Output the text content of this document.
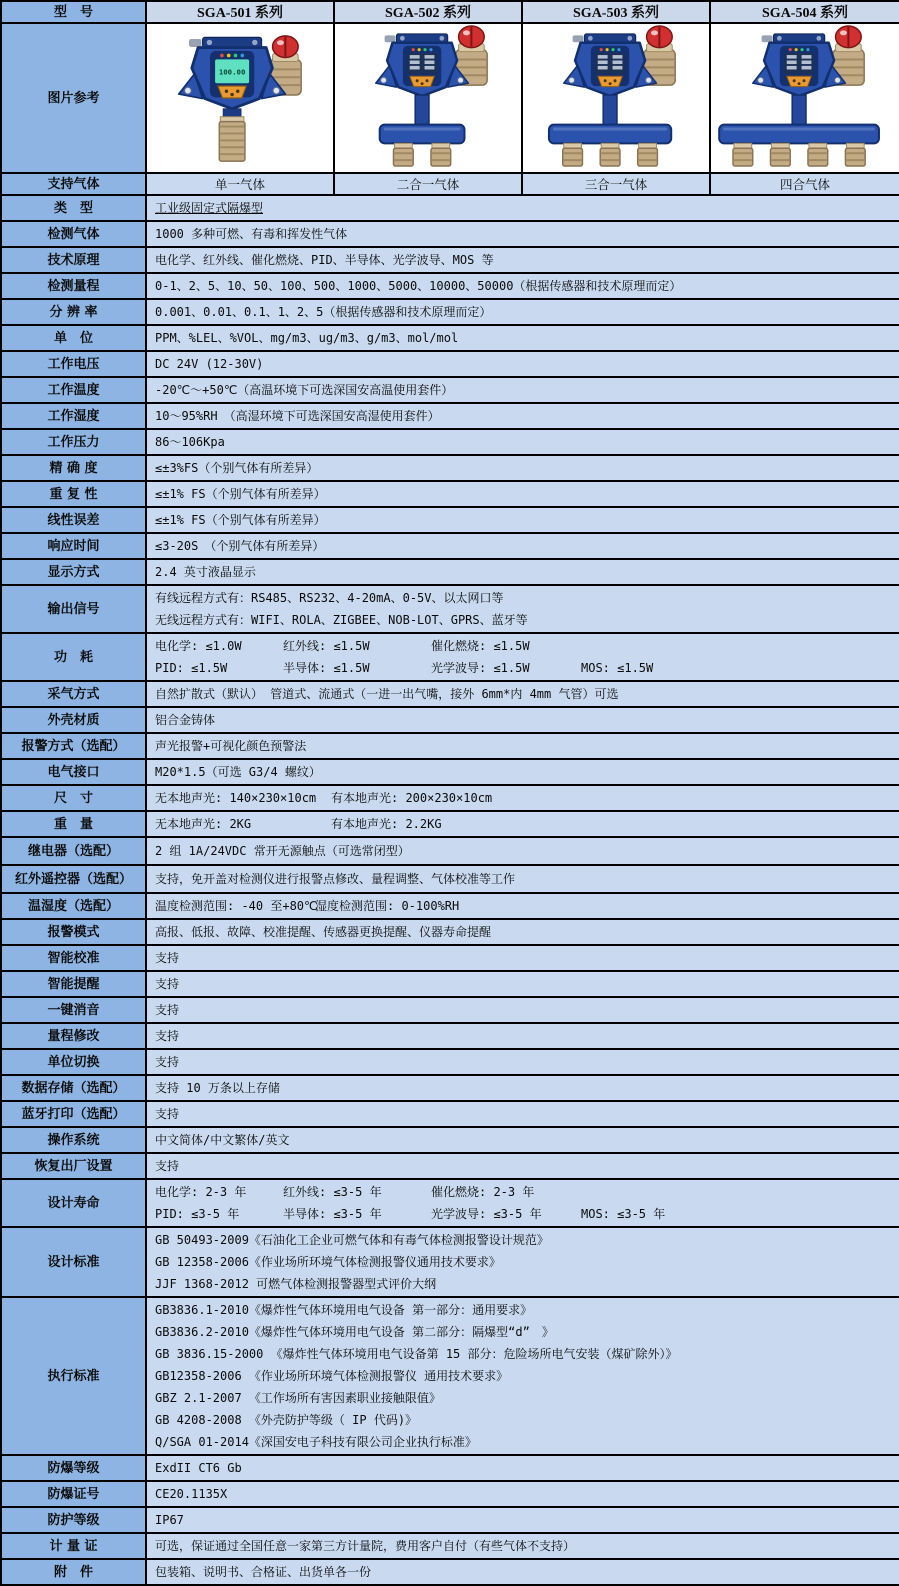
型　号	SGA-501 系列	SGA-502 系列	SGA-503 系列	SGA-504 系列
图片参考	100.00

支持气体	单一气体	二合一气体	三合一气体	四合气体
类　型	工业级固定式隔爆型			

检测气体	1000 多种可燃、有毒和挥发性气体			

技术原理	电化学、红外线、催化燃烧、PID、半导体、光学波导、MOS 等			

检测量程	0-1、2、5、10、50、100、500、1000、5000、10000、50000（根据传感器和技术原理而定）			

分 辨 率	0.001、0.01、0.1、1、2、5（根据传感器和技术原理而定）			

单　位	PPM、%LEL、%VOL、mg/m3、ug/m3、g/m3、mol/mol			

工作电压	DC 24V (12-30V)			

工作温度	-20℃～+50℃（高温环境下可选深国安高温使用套件）			

工作湿度	10～95%RH　（高湿环境下可选深国安高湿使用套件）			

工作压力	86～106Kpa			

精 确 度	≤±3%FS（个别气体有所差异）			

重 复 性	≤±1% FS（个别气体有所差异）			

线性误差	≤±1% FS（个别气体有所差异）			

响应时间	≤3-20S　（个别气体有所差异）			

显示方式	2.4 英寸液晶显示			

输出信号	有线远程方式有：RS485、RS232、4-20mA、0-5V、以太网口等
无线远程方式有：WIFI、ROLA、ZIGBEE、NOB-LOT、GPRS、蓝牙等			

功　耗	电化学: ≤1.0W 红外线: ≤1.5W 催化燃烧: ≤1.5W
PID: ≤1.5W 半导体: ≤1.5W 光学波导: ≤1.5W MOS: ≤1.5W			

采气方式	自然扩散式（默认） 管道式、流通式（一进一出气嘴，接外 6mm*内 4mm 气管）可选			

外壳材质	铝合金铸体			

报警方式（选配）	声光报警+可视化颜色预警法			

电气接口	M20*1.5（可选 G3/4 螺纹）			

尺　寸	无本地声光: 140×230×10cm 有本地声光: 200×230×10cm			

重　量	无本地声光: 2KG 有本地声光: 2.2KG			

继电器（选配）	2 组 1A/24VDC 常开无源触点（可选常闭型）			

红外遥控器（选配）	支持，免开盖对检测仪进行报警点修改、量程调整、气体校准等工作			

温湿度（选配）	温度检测范围: -40 至+80℃湿度检测范围: 0-100%RH			

报警模式	高报、低报、故障、校准提醒、传感器更换提醒、仪器寿命提醒			

智能校准	支持			

智能提醒	支持			

一键消音	支持			

量程修改	支持			

单位切换	支持			

数据存储（选配）	支持 10 万条以上存储			

蓝牙打印（选配）	支持			

操作系统	中文简体/中文繁体/英文			

恢复出厂设置	支持			

设计寿命	电化学: 2-3 年 红外线: ≤3-5 年 催化燃烧: 2-3 年
PID: ≤3-5 年 半导体: ≤3-5 年 光学波导: ≤3-5 年 MOS: ≤3-5 年			

设计标准	GB 50493-2009《石油化工企业可燃气体和有毒气体检测报警设计规范》
GB 12358-2006《作业场所环境气体检测报警仪通用技术要求》
JJF 1368-2012 可燃气体检测报警器型式评价大纲			

执行标准	
GB3836.1-2010《爆炸性气体环境用电气设备 第一部分：通用要求》
GB3836.2-2010《爆炸性气体环境用电气设备 第二部分：隔爆型“d”　》
GB 3836.15-2000 《爆炸性气体环境用电气设备第 15 部分：危险场所电气安装（煤矿除外）》
GB12358-2006 《作业场所环境气体检测报警仪 通用技术要求》
GBZ 2.1-2007 《工作场所有害因素职业接触限值》
GB 4208-2008 《外壳防护等级（ IP 代码)》
Q/SGA 01-2014《深国安电子科技有限公司企业执行标准》

防爆等级	ExdII CT6 Gb			

防爆证号	CE20.1135X			

防护等级	IP67			

计 量 证	可选，保证通过全国任意一家第三方计量院，费用客户自付（有些气体不支持）			

附　件	包装箱、说明书、合格证、出货单各一份			
